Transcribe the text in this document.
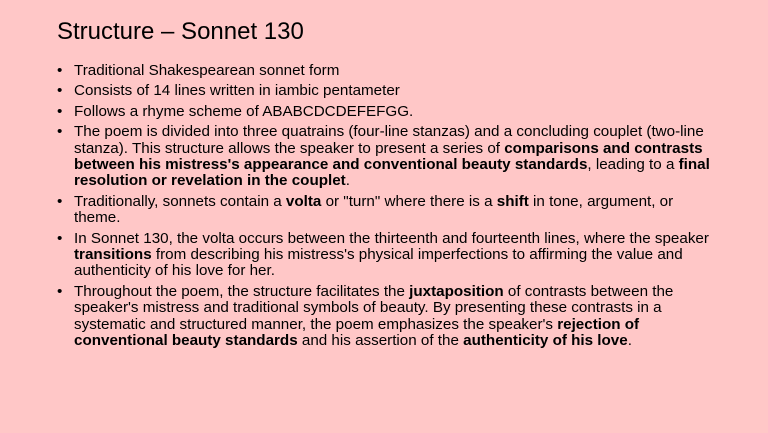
Structure – Sonnet 130
• Traditional Shakespearean sonnet form
• Consists of 14 lines written in iambic pentameter
• Follows a rhyme scheme of ABABCDCDEFEFGG.
• The poem is divided into three quatrains (four-line stanzas) and a concluding couplet (two-line stanza). This structure allows the speaker to present a series of comparisons and contrasts between his mistress's appearance and conventional beauty standards, leading to a final resolution or revelation in the couplet.
• Traditionally, sonnets contain a volta or "turn" where there is a shift in tone, argument, or theme.
• In Sonnet 130, the volta occurs between the thirteenth and fourteenth lines, where the speaker transitions from describing his mistress's physical imperfections to affirming the value and authenticity of his love for her.
• Throughout the poem, the structure facilitates the juxtaposition of contrasts between the speaker's mistress and traditional symbols of beauty. By presenting these contrasts in a systematic and structured manner, the poem emphasizes the speaker's rejection of conventional beauty standards and his assertion of the authenticity of his love.
